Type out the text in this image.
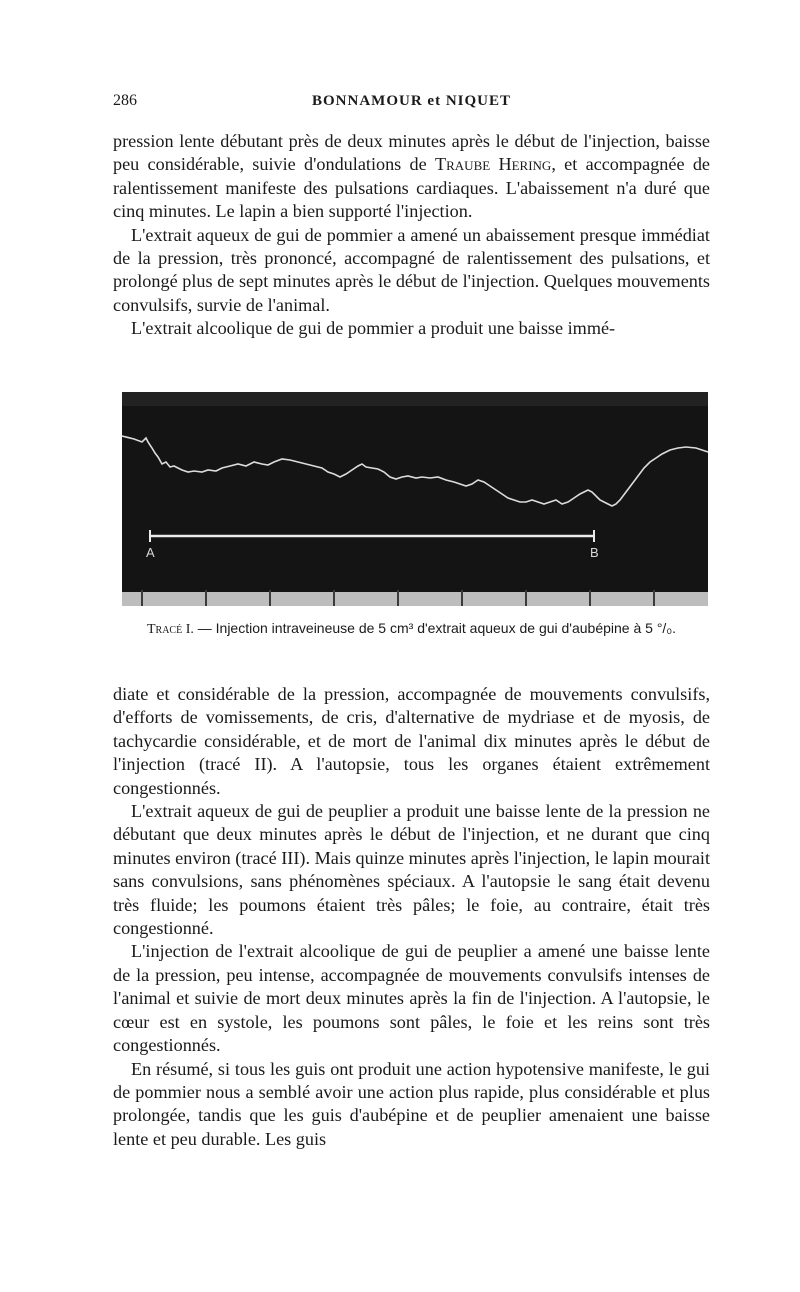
286	BONNAMOUR et NIQUET

pression lente débutant près de deux minutes après le début de l'injection, baisse peu considérable, suivie d'ondulations de Traube Hering, et accompagnée de ralentissement manifeste des pulsations cardiaques. L'abaissement n'a duré que cinq minutes. Le lapin a bien supporté l'injection.

L'extrait aqueux de gui de pommier a amené un abaissement presque immédiat de la pression, très prononcé, accompagné de ralentissement des pulsations, et prolongé plus de sept minutes après le début de l'injection. Quelques mouvements convulsifs, survie de l'animal.

L'extrait alcoolique de gui de pommier a produit une baisse immé-

A	B
Tracé I. — Injection intraveineuse de 5 cm³ d'extrait aqueux de gui d'aubépine à 5 °/₀.

diate et considérable de la pression, accompagnée de mouvements convulsifs, d'efforts de vomissements, de cris, d'alternative de mydriase et de myosis, de tachycardie considérable, et de mort de l'animal dix minutes après le début de l'injection (tracé II). A l'autopsie, tous les organes étaient extrêmement congestionnés.

L'extrait aqueux de gui de peuplier a produit une baisse lente de la pression ne débutant que deux minutes après le début de l'injection, et ne durant que cinq minutes environ (tracé III). Mais quinze minutes après l'injection, le lapin mourait sans convulsions, sans phénomènes spéciaux. A l'autopsie le sang était devenu très fluide; les poumons étaient très pâles; le foie, au contraire, était très congestionné.

L'injection de l'extrait alcoolique de gui de peuplier a amené une baisse lente de la pression, peu intense, accompagnée de mouvements convulsifs intenses de l'animal et suivie de mort deux minutes après la fin de l'injection. A l'autopsie, le cœur est en systole, les poumons sont pâles, le foie et les reins sont très congestionnés.

En résumé, si tous les guis ont produit une action hypotensive manifeste, le gui de pommier nous a semblé avoir une action plus rapide, plus considérable et plus prolongée, tandis que les guis d'aubépine et de peuplier amenaient une baisse lente et peu durable. Les guis
